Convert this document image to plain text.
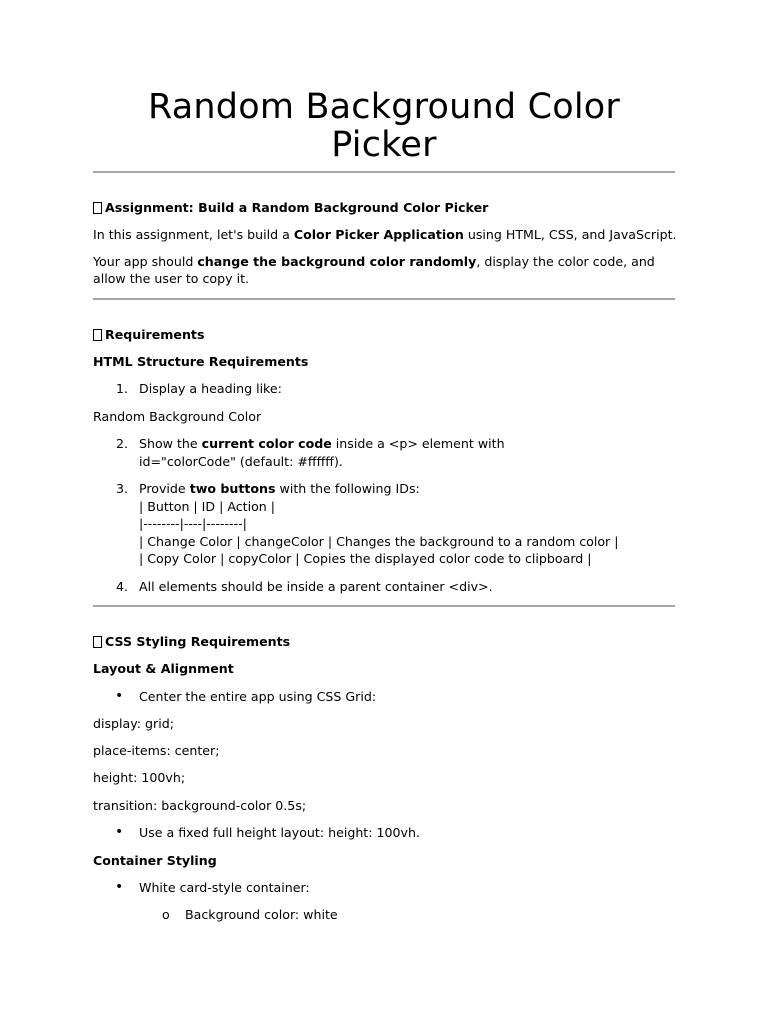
Random Background Color Picker
Assignment: Build a Random Background Color Picker
In this assignment, let's build a Color Picker Application using HTML, CSS, and JavaScript.
Your app should change the background color randomly, display the color code, and allow the user to copy it.
Requirements
HTML Structure Requirements
1. Display a heading like:
Random Background Color
2. Show the current color code inside a <p> element with
id="colorCode" (default: #ffffff).
3. Provide two buttons with the following IDs:
| Button | ID | Action |
|--------|----|--------|
| Change Color | changeColor | Changes the background to a random color |
| Copy Color | copyColor | Copies the displayed color code to clipboard |
4. All elements should be inside a parent container <div>.
CSS Styling Requirements
Layout & Alignment
• Center the entire app using CSS Grid:
display: grid;
place-items: center;
height: 100vh;
transition: background-color 0.5s;
• Use a fixed full height layout: height: 100vh.
Container Styling
• White card-style container:
o Background color: white
